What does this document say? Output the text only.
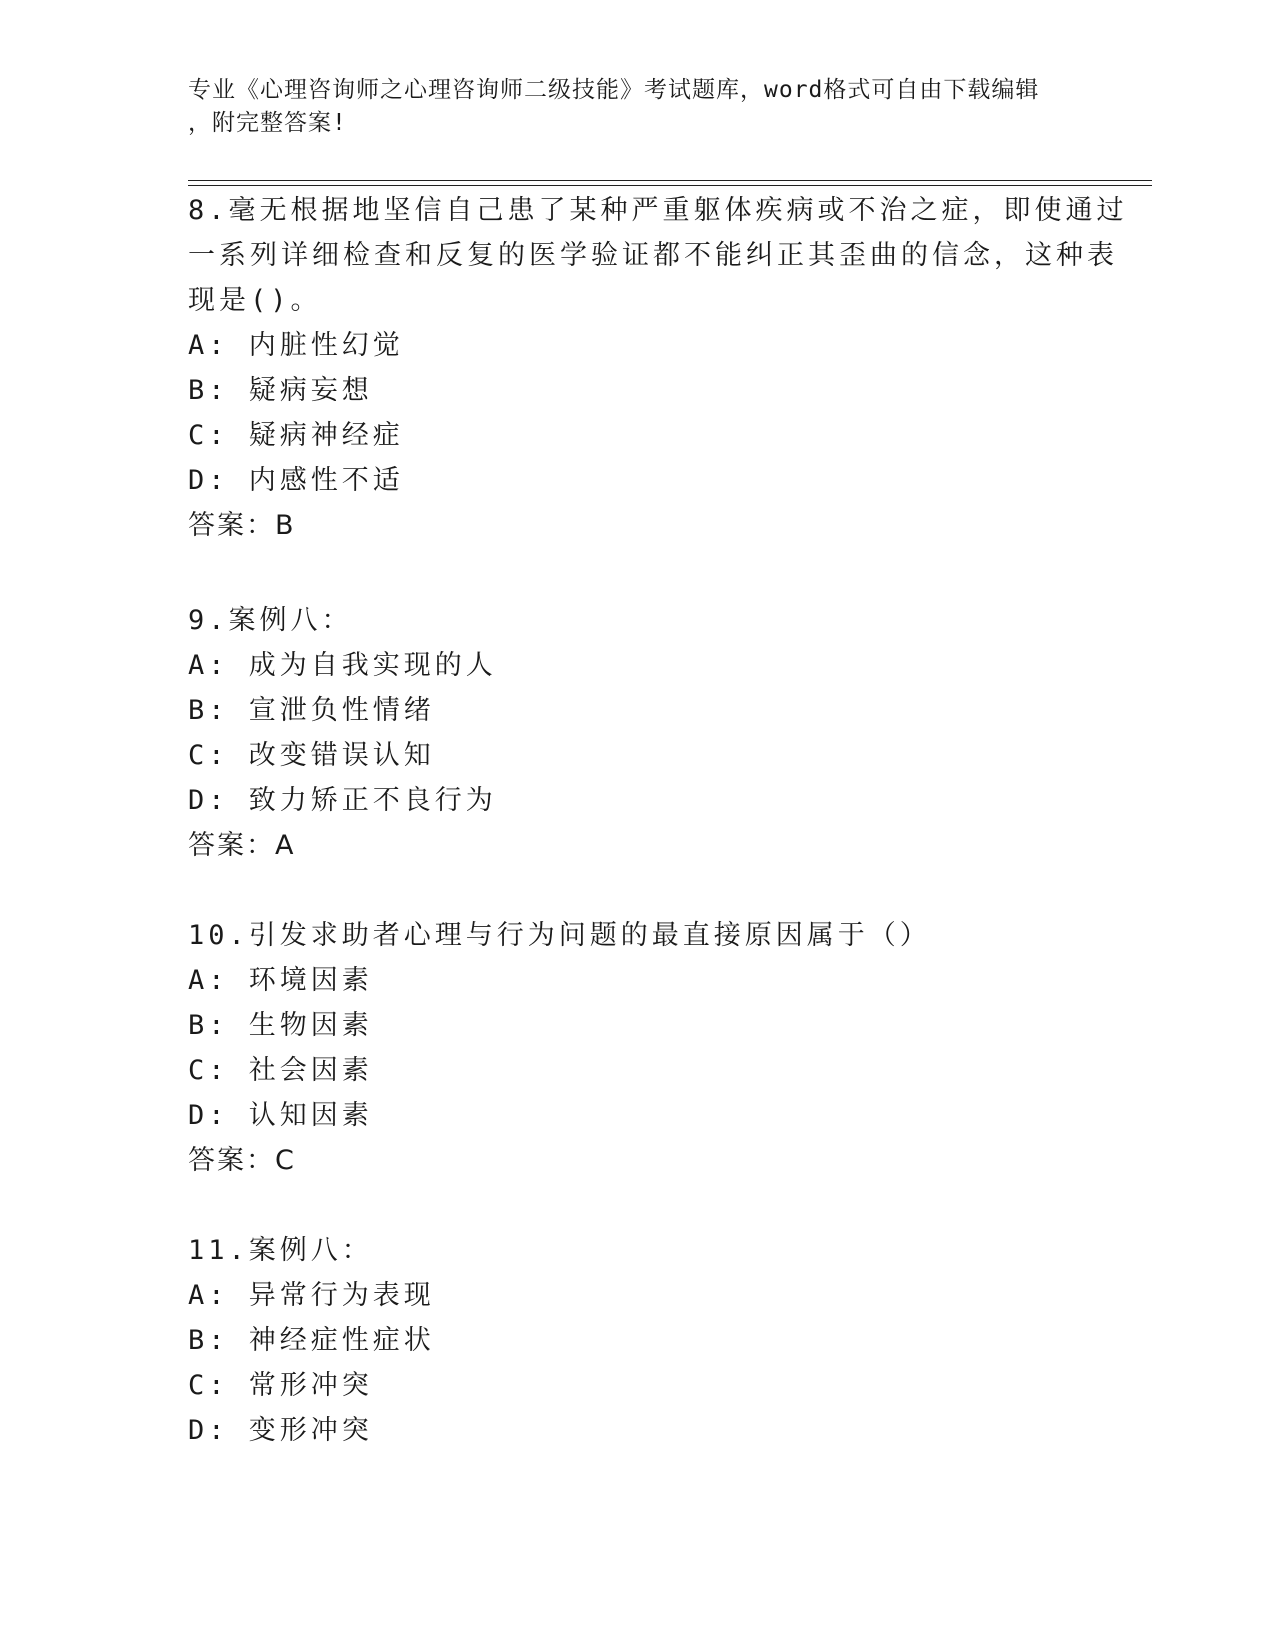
专业《心理咨询师之心理咨询师二级技能》考试题库，word格式可自由下载编辑
，附完整答案!
8.毫无根据地坚信自己患了某种严重躯体疾病或不治之症，即使通过
一系列详细检查和反复的医学验证都不能纠正其歪曲的信念，这种表
现是()。
A: 内脏性幻觉
B: 疑病妄想
C: 疑病神经症
D: 内感性不适
答案：B
9.案例八：
A: 成为自我实现的人
B: 宣泄负性情绪
C: 改变错误认知
D: 致力矫正不良行为
答案：A
10.引发求助者心理与行为问题的最直接原因属于（）
A: 环境因素
B: 生物因素
C: 社会因素
D: 认知因素
答案：C
11.案例八：
A: 异常行为表现
B: 神经症性症状
C: 常形冲突
D: 变形冲突
